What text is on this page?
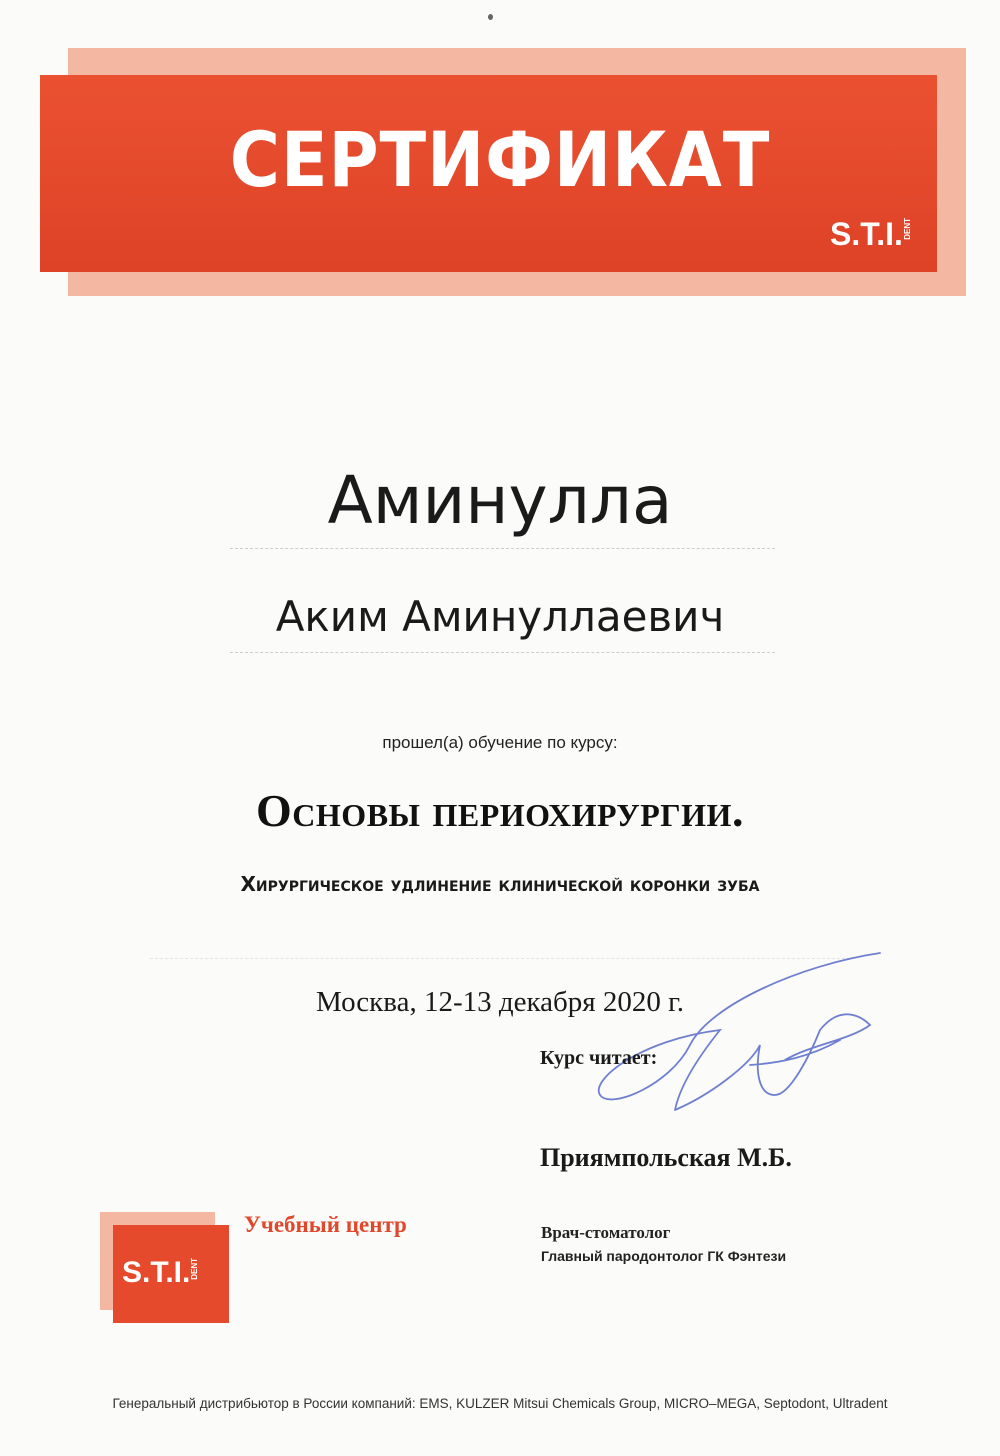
СЕРТИФИКАТ
S.T.I.DENT
Аминулла
Аким Аминуллаевич
прошел(а) обучение по курсу:
Основы периохирургии.
Хирургическое удлинение клинической коронки зуба
Москва, 12-13 декабря 2020 г.
Курс читает:
Приямпольская М.Б.
Врач-стоматолог
Главный пародонтолог ГК Фэнтези
S.T.I.DENT
Учебный центр
Генеральный дистрибьютор в России компаний: EMS, KULZER Mitsui Chemicals Group, MICRO–MEGA, Septodont, Ultradent
